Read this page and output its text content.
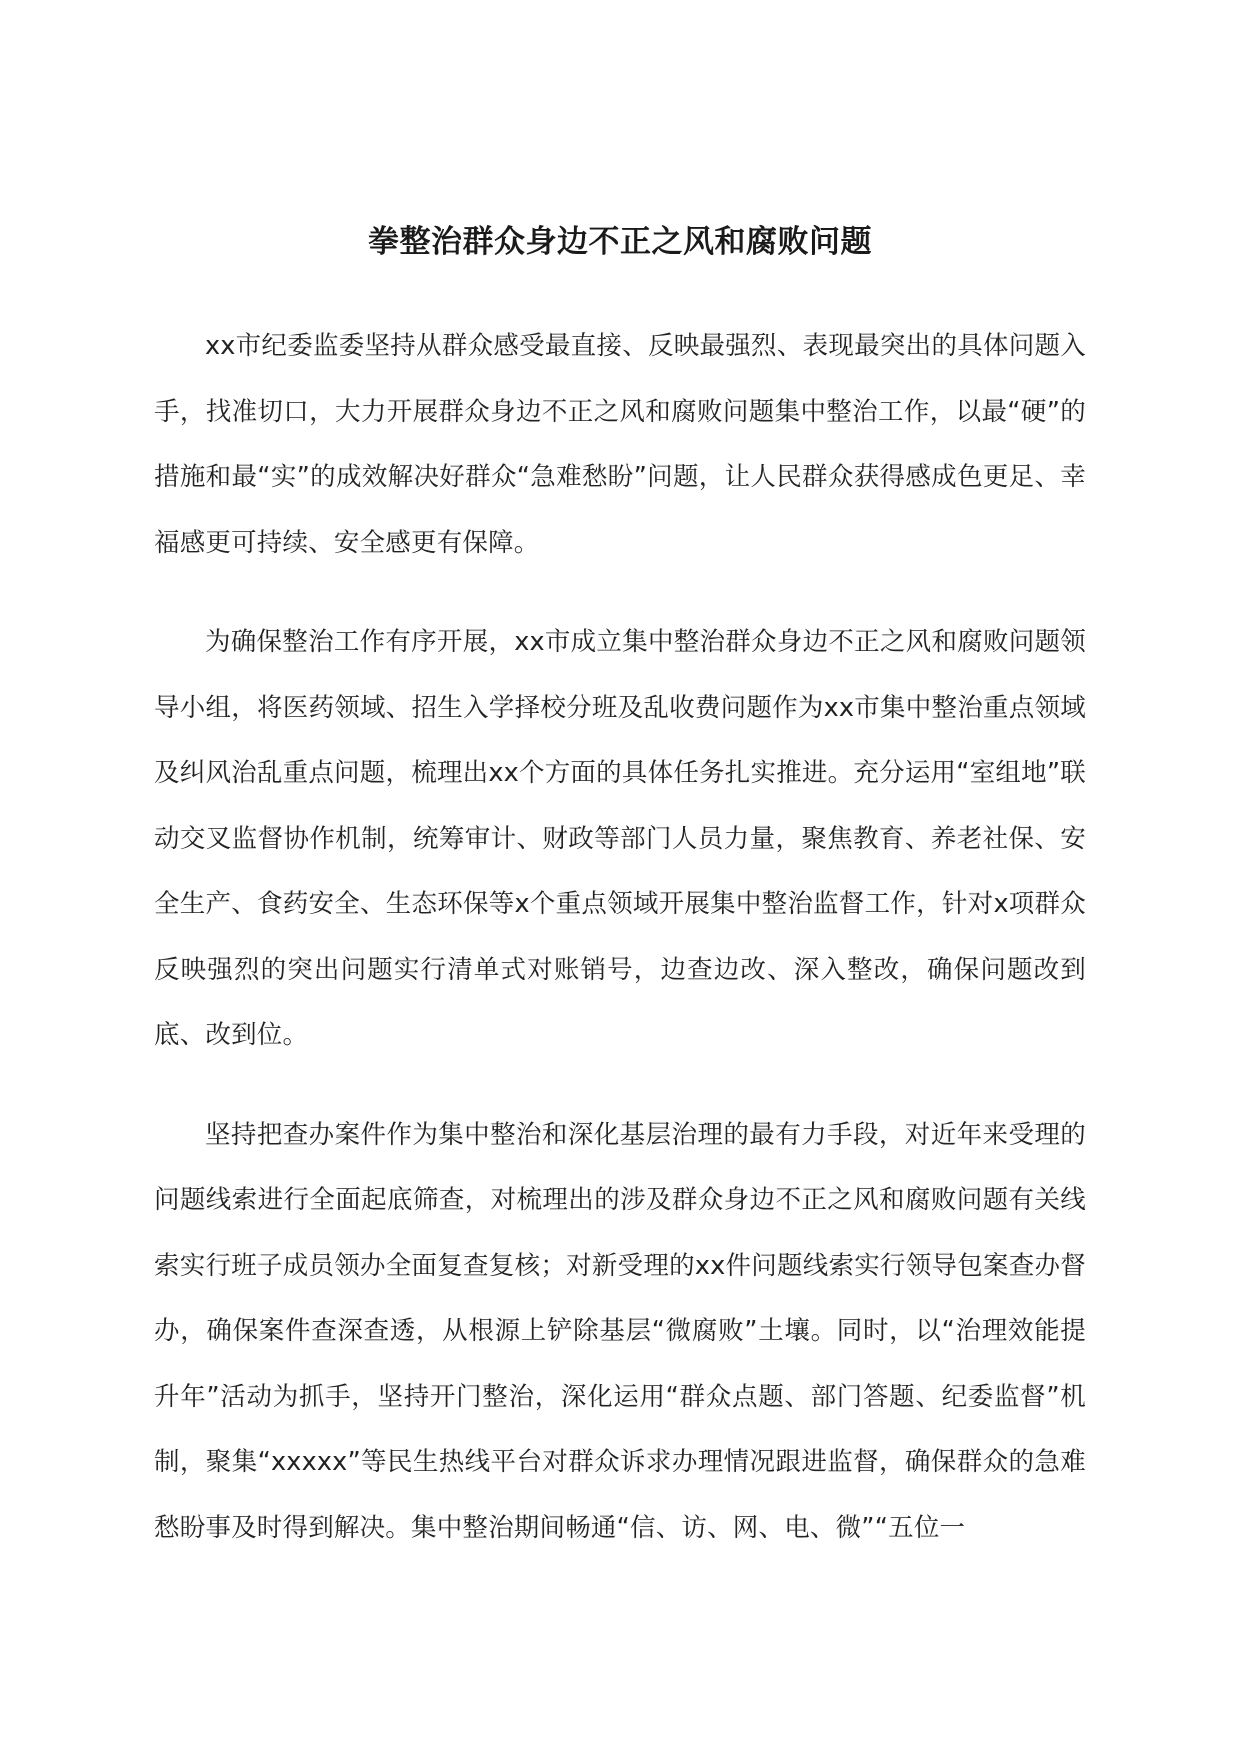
拳整治群众身边不正之风和腐败问题

xx市纪委监委坚持从群众感受最直接、反映最强烈、表现最突出的具体问题入手，找准切口，大力开展群众身边不正之风和腐败问题集中整治工作，以最“硬”的措施和最“实”的成效解决好群众“急难愁盼”问题，让人民群众获得感成色更足、幸福感更可持续、安全感更有保障。

为确保整治工作有序开展，xx市成立集中整治群众身边不正之风和腐败问题领导小组，将医药领域、招生入学择校分班及乱收费问题作为xx市集中整治重点领域及纠风治乱重点问题，梳理出xx个方面的具体任务扎实推进。充分运用“室组地”联动交叉监督协作机制，统筹审计、财政等部门人员力量，聚焦教育、养老社保、安全生产、食药安全、生态环保等x个重点领域开展集中整治监督工作，针对x项群众反映强烈的突出问题实行清单式对账销号，边查边改、深入整改，确保问题改到底、改到位。

坚持把查办案件作为集中整治和深化基层治理的最有力手段，对近年来受理的问题线索进行全面起底筛查，对梳理出的涉及群众身边不正之风和腐败问题有关线索实行班子成员领办全面复查复核；对新受理的xx件问题线索实行领导包案查办督办，确保案件查深查透，从根源上铲除基层“微腐败”土壤。同时，以“治理效能提升年”活动为抓手，坚持开门整治，深化运用“群众点题、部门答题、纪委监督”机制，聚集“xxxxx”等民生热线平台对群众诉求办理情况跟进监督，确保群众的急难愁盼事及时得到解决。集中整治期间畅通“信、访、网、电、微”“五位一
